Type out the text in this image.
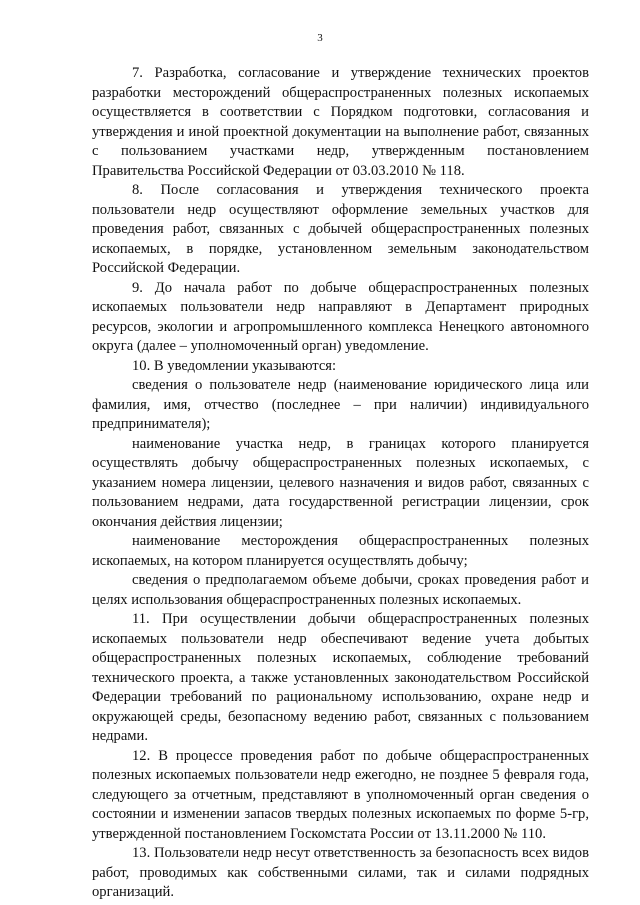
3

7. Разработка, согласование и утверждение технических проектов разработки месторождений общераспространенных полезных ископаемых осуществляется в соответствии с Порядком подготовки, согласования и утверждения и иной проектной документации на выполнение работ, связанных с пользованием участками недр, утвержденным постановлением Правительства Российской Федерации от 03.03.2010 № 118.

8. После согласования и утверждения технического проекта пользователи недр осуществляют оформление земельных участков для проведения работ, связанных с добычей общераспространенных полезных ископаемых, в порядке, установленном земельным законодательством Российской Федерации.

9. До начала работ по добыче общераспространенных полезных ископаемых пользователи недр направляют в Департамент природных ресурсов, экологии и агропромышленного комплекса Ненецкого автономного округа (далее – уполномоченный орган) уведомление.

10. В уведомлении указываются:

сведения о пользователе недр (наименование юридического лица или фамилия, имя, отчество (последнее – при наличии) индивидуального предпринимателя);

наименование участка недр, в границах которого планируется осуществлять добычу общераспространенных полезных ископаемых, с указанием номера лицензии, целевого назначения и видов работ, связанных с пользованием недрами, дата государственной регистрации лицензии, срок окончания действия лицензии;

наименование месторождения общераспространенных полезных ископаемых, на котором планируется осуществлять добычу;

сведения о предполагаемом объеме добычи, сроках проведения работ и целях использования общераспространенных полезных ископаемых.

11. При осуществлении добычи общераспространенных полезных ископаемых пользователи недр обеспечивают ведение учета добытых общераспространенных полезных ископаемых, соблюдение требований технического проекта, а также установленных законодательством Российской Федерации требований по рациональному использованию, охране недр и окружающей среды, безопасному ведению работ, связанных с пользованием недрами.

12. В процессе проведения работ по добыче общераспространенных полезных ископаемых пользователи недр ежегодно, не позднее 5 февраля года, следующего за отчетным, представляют в уполномоченный орган сведения о состоянии и изменении запасов твердых полезных ископаемых по форме 5-гр, утвержденной постановлением Госкомстата России от 13.11.2000 № 110.

13. Пользователи недр несут ответственность за безопасность всех видов работ, проводимых как собственными силами, так и силами подрядных организаций.
